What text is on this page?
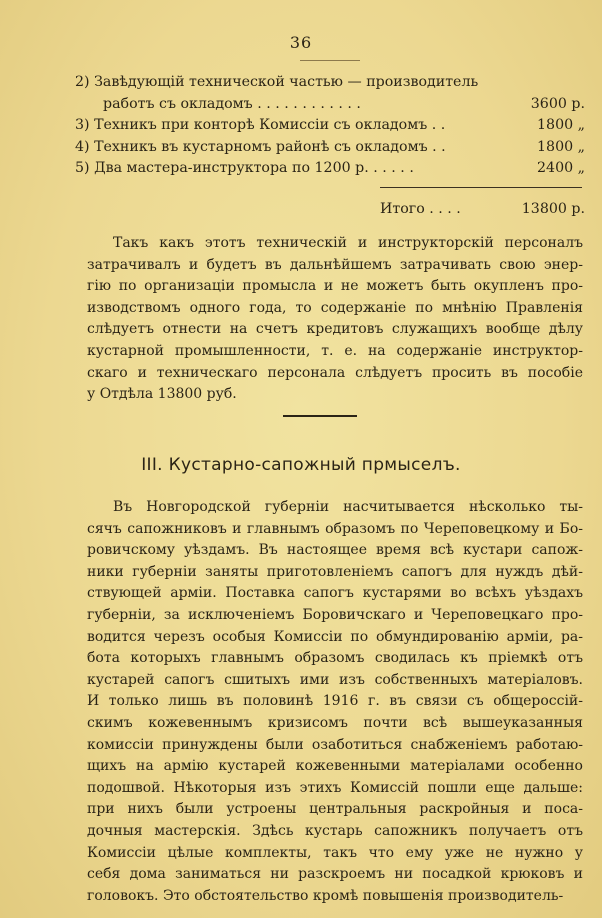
36
2) Завѣдующій технической частью — производитель
работъ съ окладомъ . . . . . . . . . . . .	3600 р.
3) Техникъ при конторѣ Комиссіи съ окладомъ . .	1800 „
4) Техникъ въ кустарномъ районѣ съ окладомъ . .	1800 „
5) Два мастера-инструктора по 1200 р. . . . . .	2400 „
Итого . . . .	13800 р.
Такъ какъ этотъ техническій и инструкторскій персоналъ
затрачивалъ и будетъ въ дальнѣйшемъ затрачивать свою энер-
гію по организаціи промысла и не можетъ быть окупленъ про-
изводствомъ одного года, то содержаніе по мнѣнію Правленія
слѣдуетъ отнести на счетъ кредитовъ служащихъ вообще дѣлу
кустарной промышленности, т. е. на содержаніе инструктор-
скаго и техническаго персонала слѣдуетъ просить въ пособіе
у Отдѣла 13800 руб.
III. Кустарно-сапожный прмыселъ.
Въ Новгородской губерніи насчитывается нѣсколько ты-
сячъ сапожниковъ и главнымъ образомъ по Череповецкому и Бо-
ровичскому уѣздамъ. Въ настоящее время всѣ кустари сапож-
ники губерніи заняты приготовленіемъ сапогъ для нуждъ дѣй-
ствующей арміи. Поставка сапогъ кустарями во всѣхъ уѣздахъ
губерніи, за исключеніемъ Боровичскаго и Череповецкаго про-
водится черезъ особыя Комиссіи по обмундированію арміи, ра-
бота которыхъ главнымъ образомъ сводилась къ пріемкѣ отъ
кустарей сапогъ сшитыхъ ими изъ собственныхъ матеріаловъ.
И только лишь въ половинѣ 1916 г. въ связи съ общероссій-
скимъ кожевеннымъ кризисомъ почти всѣ вышеуказанныя
комиссіи принуждены были озаботиться снабженіемъ работаю-
щихъ на армію кустарей кожевенными матеріалами особенно
подошвой. Нѣкоторыя изъ этихъ Комиссій пошли еще дальше:
при нихъ были устроены центральныя раскройныя и поса-
дочныя мастерскія. Здѣсь кустарь сапожникъ получаетъ отъ
Комиссіи цѣлые комплекты, такъ что ему уже не нужно у
себя дома заниматься ни разскроемъ ни посадкой крюковъ и
головокъ. Это обстоятельство кромѣ повышенія производитель-
